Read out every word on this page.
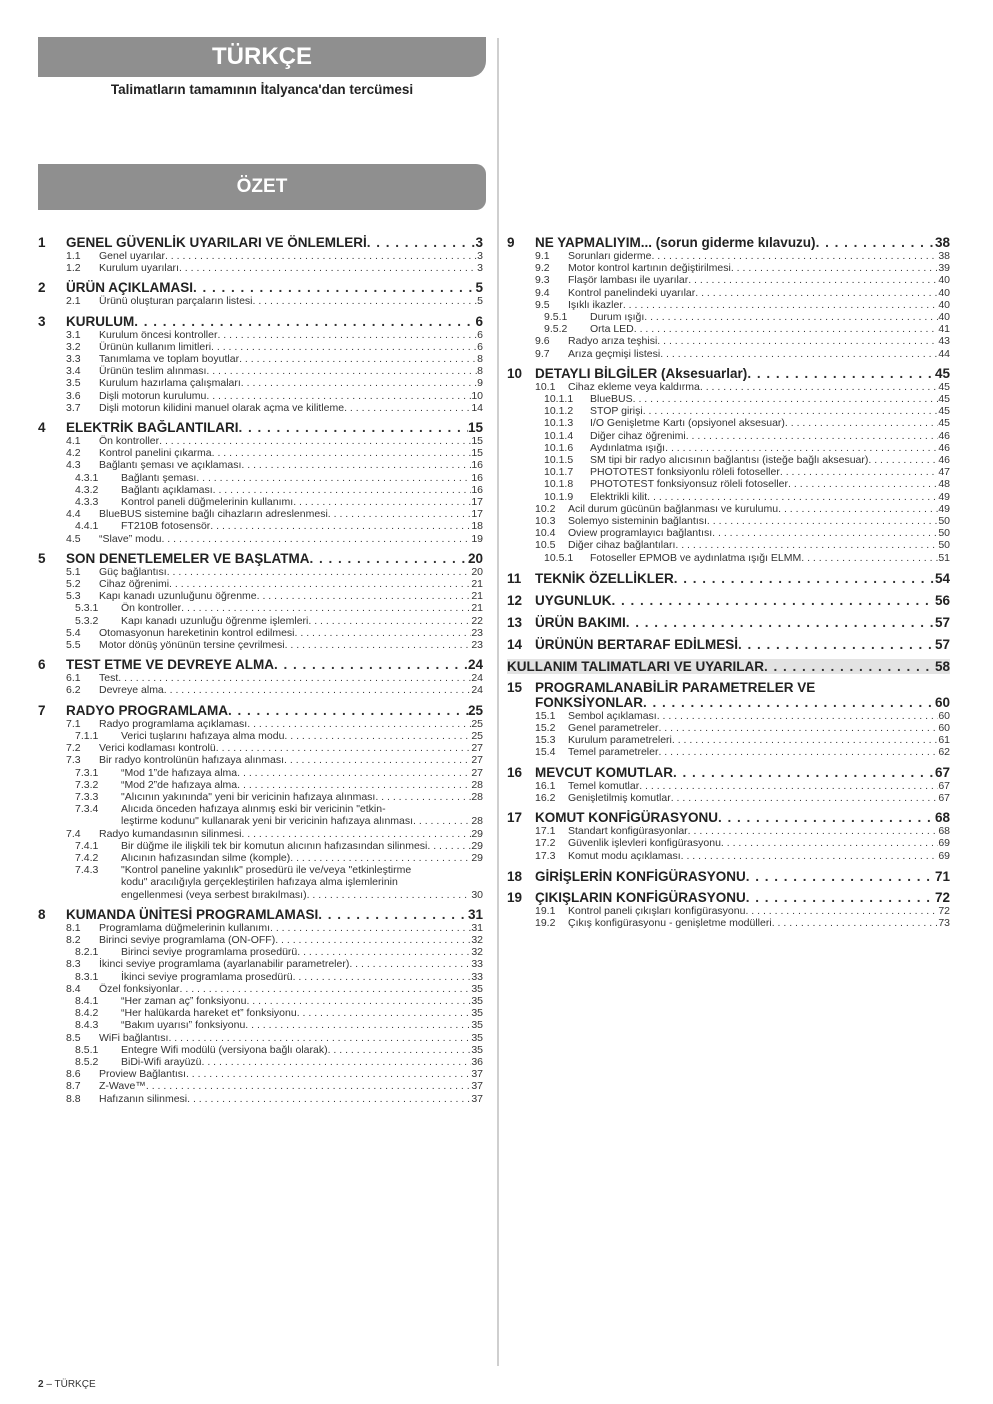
TÜRKÇE
Talimatların tamamının İtalyanca'dan tercümesi
ÖZET
1	GENEL GÜVENLİK UYARILARI VE ÖNLEMLERİ . . .	3
1.1	Genel uyarılar . . .	3
1.2	Kurulum uyarıları . . .	3
2	ÜRÜN AÇIKLAMASI . . .	5
2.1	Ürünü oluşturan parçaların listesi . . .	5
3	KURULUM . . .	6
3.1	Kurulum öncesi kontroller . . .	6
3.2	Ürünün kullanım limitleri . . .	6
3.3	Tanımlama ve toplam boyutlar . . .	8
3.4	Ürünün teslim alınması . . .	8
3.5	Kurulum hazırlama çalışmaları . . .	9
3.6	Dişli motorun kurulumu . . .	10
3.7	Dişli motorun kilidini manuel olarak açma ve kilitleme . . .	14
4	ELEKTRİK BAĞLANTILARI . . .	15
4.1	Ön kontroller . . .	15
4.2	Kontrol panelini çıkarma . . .	15
4.3	Bağlantı şeması ve açıklaması . . .	16
4.3.1	Bağlantı şeması . . .	16
4.3.2	Bağlantı açıklaması . . .	16
4.3.3	Kontrol paneli düğmelerinin kullanımı . . .	17
4.4	BlueBUS sistemine bağlı cihazların adreslenmesi . . .	17
4.4.1	FT210B fotosensör . . .	18
4.5	“Slave” modu . . .	19
5	SON DENETLEMELER VE BAŞLATMA . . .	20
5.1	Güç bağlantısı . . .	20
5.2	Cihaz öğrenimi . . .	21
5.3	Kapı kanadı uzunluğunu öğrenme . . .	21
5.3.1	Ön kontroller . . .	21
5.3.2	Kapı kanadı uzunluğu öğrenme işlemleri . . .	22
5.4	Otomasyonun hareketinin kontrol edilmesi . . .	23
5.5	Motor dönüş yönünün tersine çevrilmesi . . .	23
6	TEST ETME VE DEVREYE ALMA . . .	24
6.1	Test . . .	24
6.2	Devreye alma . . .	24
7	RADYO PROGRAMLAMA . . .	25
7.1	Radyo programlama açıklaması . . .	25
7.1.1	Verici tuşlarını hafızaya alma modu . . .	25
7.2	Verici kodlaması kontrolü . . .	27
7.3	Bir radyo kontrolünün hafızaya alınması . . .	27
7.3.1	“Mod 1”de hafızaya alma . . .	27
7.3.2	“Mod 2”de hafızaya alma . . .	28
7.3.3	"Alıcının yakınında" yeni bir vericinin hafızaya alınması . . .	28
7.3.4	Alıcıda önceden hafızaya alınmış eski bir vericinin "etkin-
leştirme kodunu" kullanarak yeni bir vericinin hafızaya alınması . . .	28
7.4	Radyo kumandasının silinmesi . . .	29
7.4.1	Bir düğme ile ilişkili tek bir komutun alıcının hafızasından silinmesi . . .	29
7.4.2	Alıcının hafızasından silme (komple) . . .	29
7.4.3	"Kontrol paneline yakınlık" prosedürü ile ve/veya "etkinleştirme
kodu" aracılığıyla gerçekleştirilen hafızaya alma işlemlerinin
engellenmesi (veya serbest bırakılması) . . .	30
8	KUMANDA ÜNİTESİ PROGRAMLAMASI . . .	31
8.1	Programlama düğmelerinin kullanımı . . .	31
8.2	Birinci seviye programlama (ON-OFF) . . .	32
8.2.1	Birinci seviye programlama prosedürü . . .	32
8.3	İkinci seviye programlama (ayarlanabilir parametreler) . . .	33
8.3.1	İkinci seviye programlama prosedürü . . .	33
8.4	Özel fonksiyonlar . . .	35
8.4.1	“Her zaman aç” fonksiyonu . . .	35
8.4.2	“Her halükarda hareket et” fonksiyonu . . .	35
8.4.3	“Bakım uyarısı” fonksiyonu . . .	35
8.5	WiFi bağlantısı . . .	35
8.5.1	Entegre Wifi modülü (versiyona bağlı olarak) . . .	35
8.5.2	BiDi-Wifi arayüzü . . .	36
8.6	Proview Bağlantısı . . .	37
8.7	Z-Wave™ . . .	37
8.8	Hafızanın silinmesi . . .	37
9	NE YAPMALIYIM... (sorun giderme kılavuzu) . . .	38
9.1	Sorunları giderme . . .	38
9.2	Motor kontrol kartının değiştirilmesi . . .	39
9.3	Flaşör lambası ile uyarılar . . .	40
9.4	Kontrol panelindeki uyarılar . . .	40
9.5	Işıklı ikazler . . .	40
9.5.1	Durum ışığı . . .	40
9.5.2	Orta LED . . .	41
9.6	Radyo arıza teşhisi . . .	43
9.7	Arıza geçmişi listesi . . .	44
10 DETAYLI BİLGİLER (Aksesuarlar) . . .	45
10.1	Cihaz ekleme veya kaldırma . . .	45
10.1.1	BlueBUS . . .	45
10.1.2	STOP girişi . . .	45
10.1.3	I/O Genişletme Kartı (opsiyonel aksesuar) . . .	45
10.1.4	Diğer cihaz öğrenimi . . .	46
10.1.6	Aydınlatma ışığı . . .	46
10.1.5	SM tipi bir radyo alıcısının bağlantısı (isteğe bağlı aksesuar) . . .	46
10.1.7	PHOTOTEST fonksiyonlu röleli fotoseller . . .	47
10.1.8	PHOTOTEST fonksiyonsuz röleli fotoseller . . .	48
10.1.9	Elektrikli kilit . . .	49
10.2	Acil durum gücünün bağlanması ve kurulumu . . .	49
10.3	Solemyo sisteminin bağlantısı . . .	50
10.4	Oview programlayıcı bağlantısı . . .	50
10.5	Diğer cihaz bağlantıları . . .	50
10.5.1	Fotoseller EPMOB ve aydınlatma ışığı ELMM . . .	51
11	TEKNİK ÖZELLİKLER . . .	54
12 UYGUNLUK . . .	56
13 ÜRÜN BAKIMI . . .	57
14 ÜRÜNÜN BERTARAF EDİLMESİ . . .	57
KULLANIM TALIMATLARI VE UYARILAR . . .	58
15 PROGRAMLANABİLİR PARAMETRELER VE
FONKSİYONLAR . . .	60
15.1	Sembol açıklaması . . .	60
15.2	Genel parametreler . . .	60
15.3	Kurulum parametreleri . . .	61
15.4	Temel parametreler . . .	62
16 MEVCUT KOMUTLAR . . .	67
16.1	Temel komutlar . . .	67
16.2	Genişletilmiş komutlar . . .	67
17 KOMUT KONFİGÜRASYONU . . .	68
17.1	Standart konfigürasyonlar . . .	68
17.2	Güvenlik işlevleri konfigürasyonu . . .	69
17.3	Komut modu açıklaması . . .	69
18 GİRİŞLERİN KONFİGÜRASYONU . . .	71
19 ÇIKIŞLARIN KONFİGÜRASYONU . . .	72
19.1	Kontrol paneli çıkışları konfigürasyonu . . .	72
19.2	Çıkış konfigürasyonu - genişletme modülleri . . .	73
2 – TÜRKÇE
